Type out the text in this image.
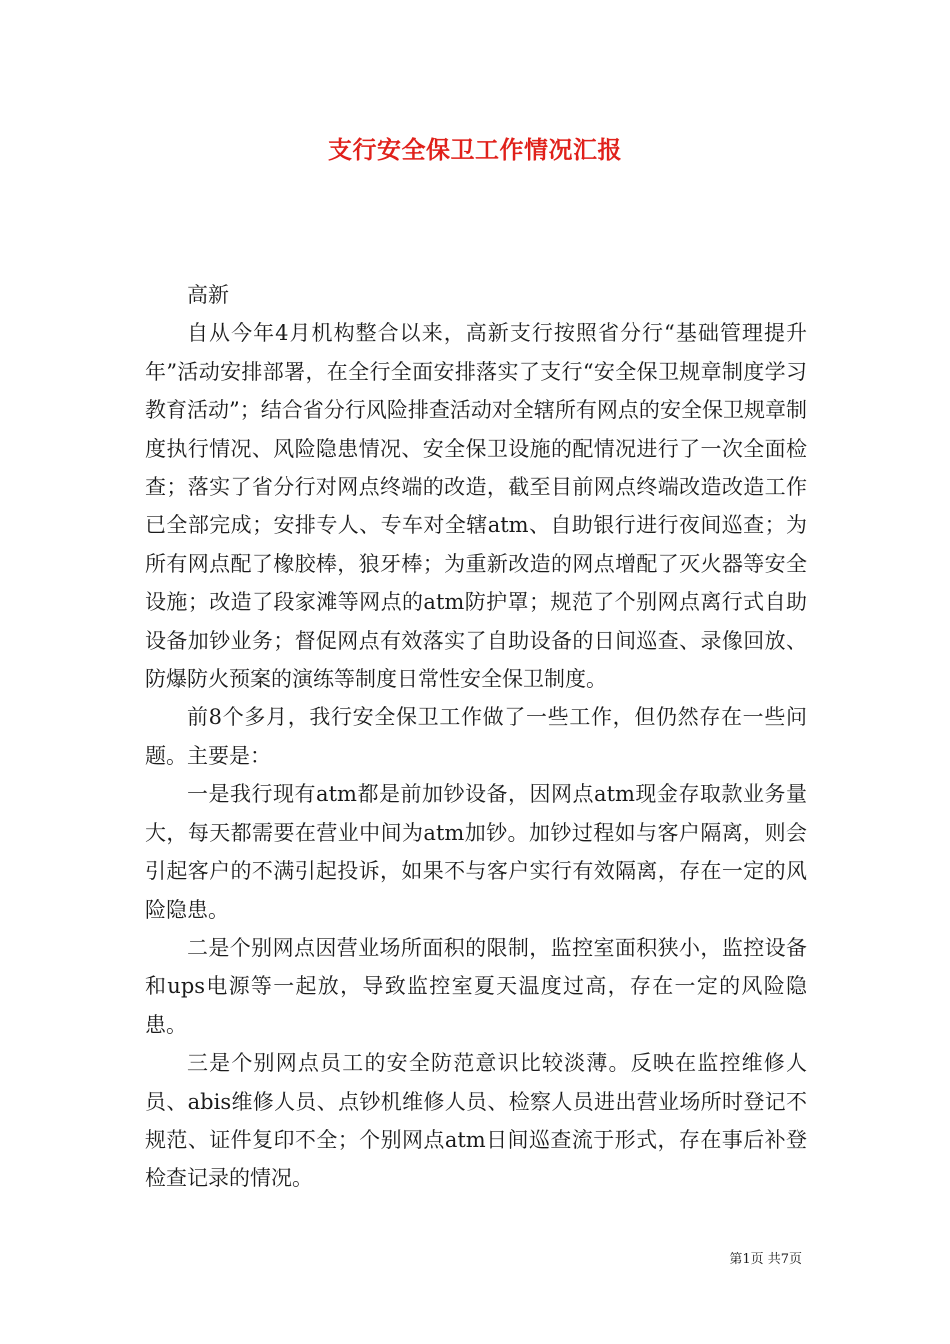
支行安全保卫工作情况汇报

高新

自从今年4月机构整合以来，高新支行按照省分行“基础管理提升年”活动安排部署，在全行全面安排落实了支行“安全保卫规章制度学习教育活动”；结合省分行风险排查活动对全辖所有网点的安全保卫规章制度执行情况、风险隐患情况、安全保卫设施的配情况进行了一次全面检查；落实了省分行对网点终端的改造，截至目前网点终端改造改造工作已全部完成；安排专人、专车对全辖atm、自助银行进行夜间巡查；为所有网点配了橡胶棒，狼牙棒；为重新改造的网点增配了灭火器等安全设施；改造了段家滩等网点的atm防护罩；规范了个别网点离行式自助设备加钞业务；督促网点有效落实了自助设备的日间巡查、录像回放、防爆防火预案的演练等制度日常性安全保卫制度。

前8个多月，我行安全保卫工作做了一些工作，但仍然存在一些问题。主要是：

一是我行现有atm都是前加钞设备，因网点atm现金存取款业务量大，每天都需要在营业中间为atm加钞。加钞过程如与客户隔离，则会引起客户的不满引起投诉，如果不与客户实行有效隔离，存在一定的风险隐患。

二是个别网点因营业场所面积的限制，监控室面积狭小，监控设备和ups电源等一起放，导致监控室夏天温度过高，存在一定的风险隐患。

三是个别网点员工的安全防范意识比较淡薄。反映在监控维修人员、abis维修人员、点钞机维修人员、检察人员进出营业场所时登记不规范、证件复印不全；个别网点atm日间巡查流于形式，存在事后补登检查记录的情况。

第1页 共7页
